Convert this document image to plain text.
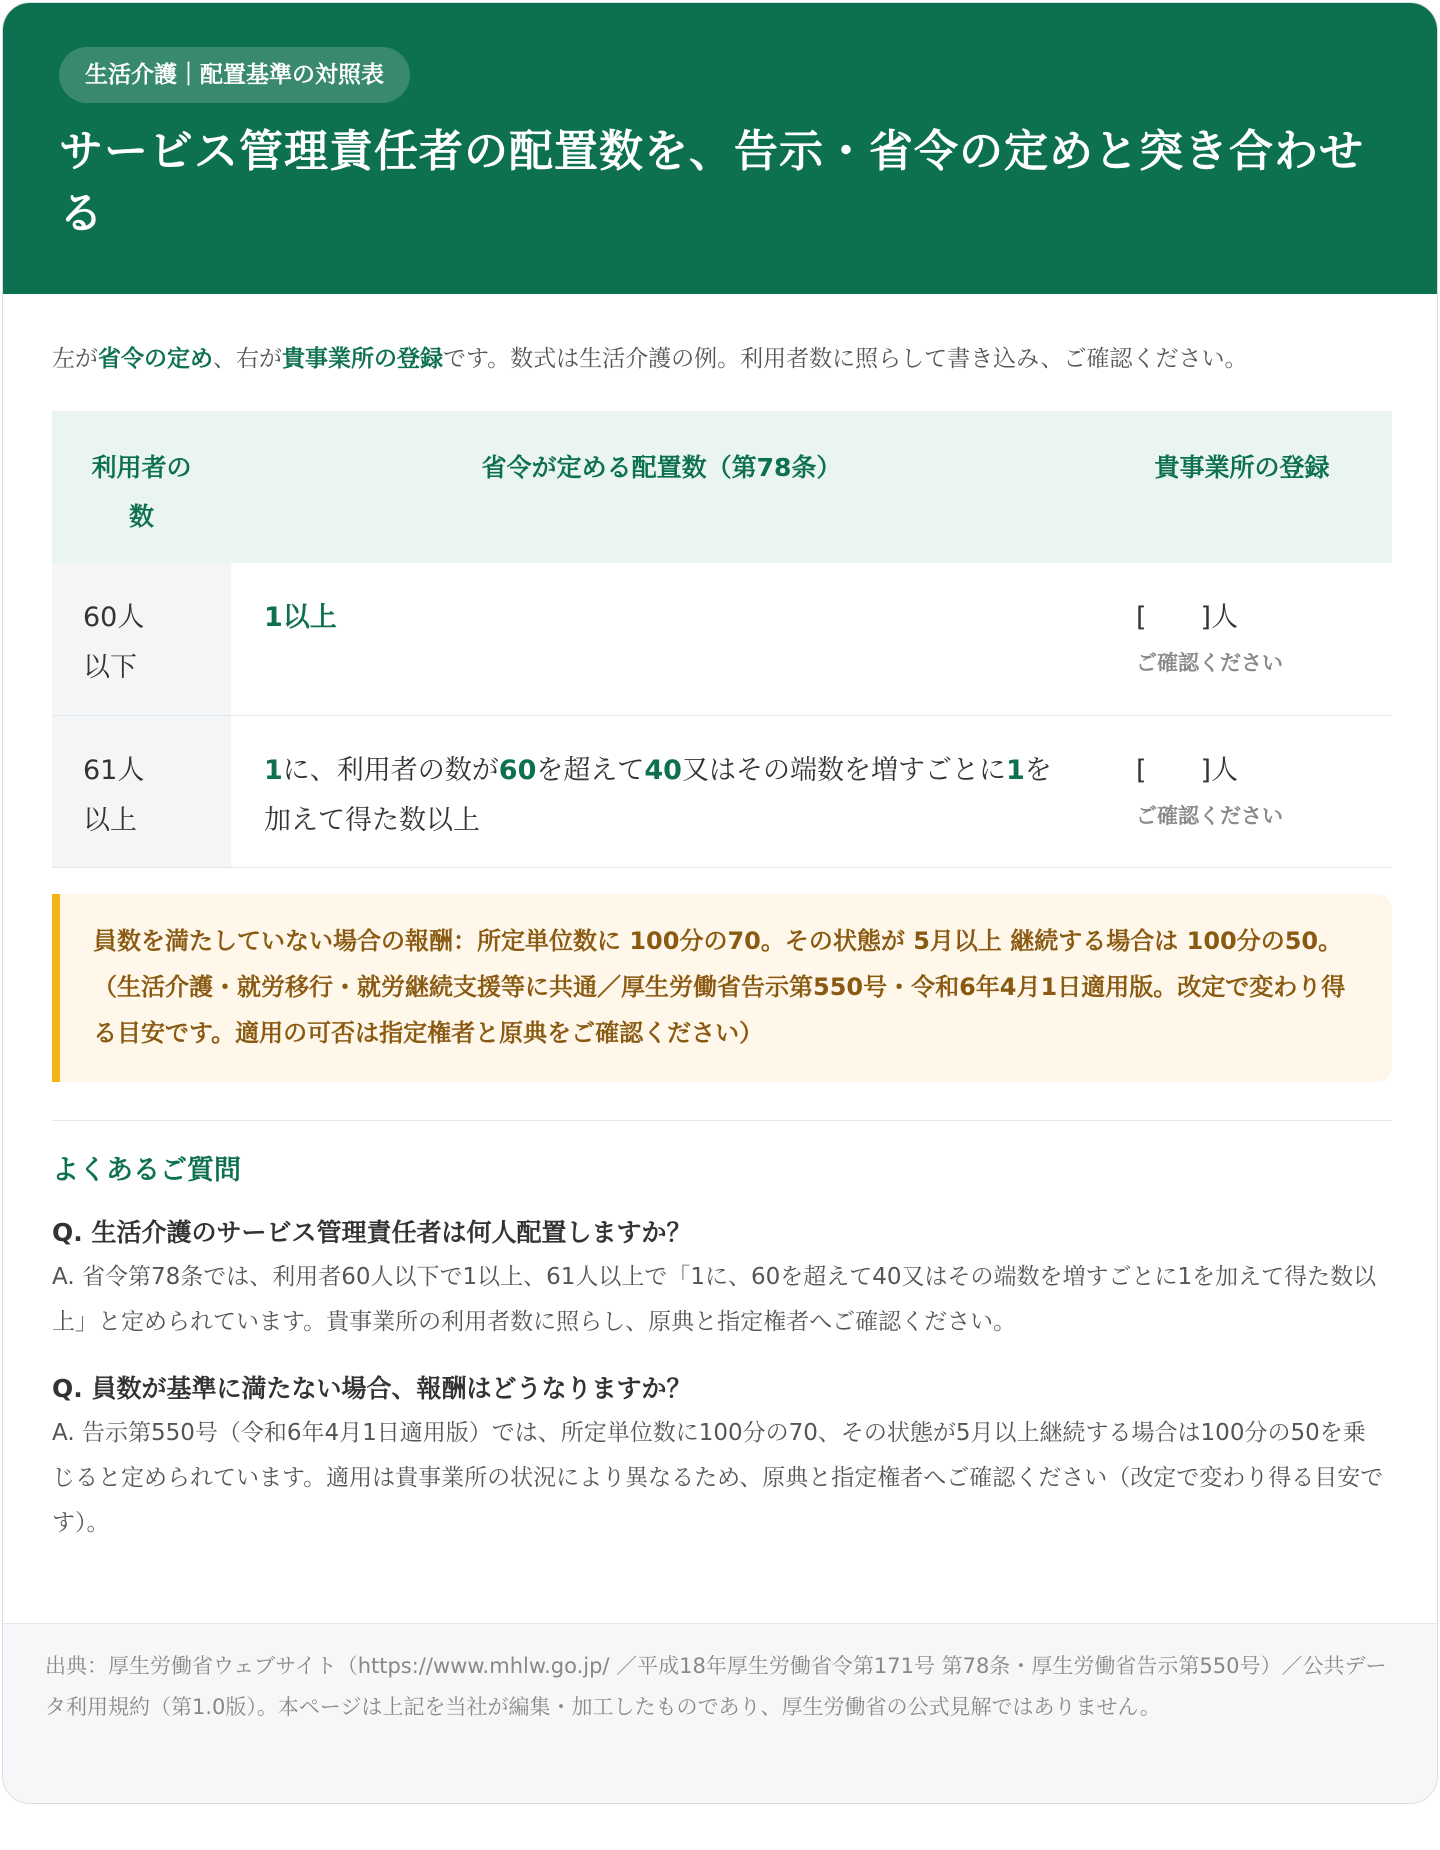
生活介護｜配置基準の対照表
サービス管理責任者の配置数を、告示・省令の定めと突き合わせる

左が省令の定め、右が貴事業所の登録です。数式は生活介護の例。利用者数に照らして書き込み、ご確認ください。

利用者の数	省令が定める配置数（第78条）	貴事業所の登録
60人以下	1以上	[　　]人
ご確認ください

61人以上	1に、利用者の数が60を超えて40又はその端数を増すごとに1を加えて得た数以上	[　　]人
ご確認ください
員数を満たしていない場合の報酬：所定単位数に 100分の70。その状態が 5月以上 継続する場合は 100分の50。（生活介護・就労移行・就労継続支援等に共通／厚生労働省告示第550号・令和6年4月1日適用版。改定で変わり得る目安です。適用の可否は指定権者と原典をご確認ください）
よくあるご質問

Q. 生活介護のサービス管理責任者は何人配置しますか？

A. 省令第78条では、利用者60人以下で1以上、61人以上で「1に、60を超えて40又はその端数を増すごとに1を加えて得た数以上」と定められています。貴事業所の利用者数に照らし、原典と指定権者へご確認ください。

Q. 員数が基準に満たない場合、報酬はどうなりますか？

A. 告示第550号（令和6年4月1日適用版）では、所定単位数に100分の70、その状態が5月以上継続する場合は100分の50を乗じると定められています。適用は貴事業所の状況により異なるため、原典と指定権者へご確認ください（改定で変わり得る目安です）。

出典：厚生労働省ウェブサイト（https://www.mhlw.go.jp/ ／平成18年厚生労働省令第171号 第78条・厚生労働省告示第550号）／公共データ利用規約（第1.0版）。本ページは上記を当社が編集・加工したものであり、厚生労働省の公式見解ではありません。
